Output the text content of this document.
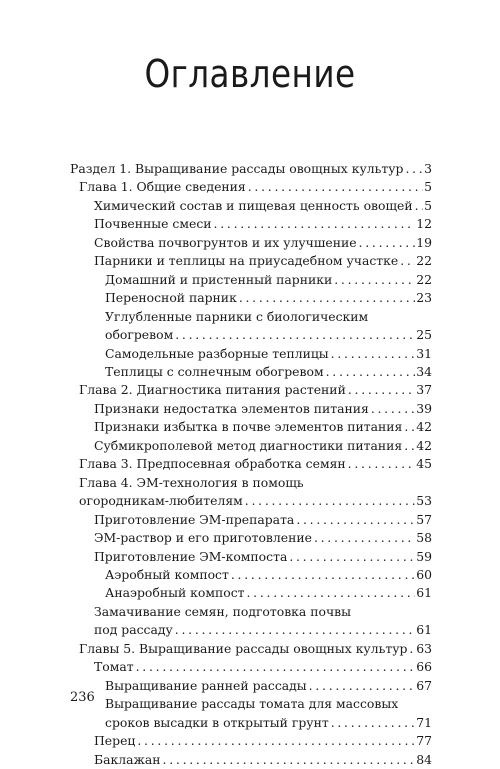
Оглавление
Раздел 1. Выращивание рассады овощных культур . . . 3
Глава 1. Общие сведения . . .	5
Химический состав и пищевая ценность овощей . . . 5
Почвенные смеси . . .	12
Свойства почвогрунтов и их улучшение . . .	19
Парники и теплицы на приусадебном участке . . . 22
Домашний и пристенный парники . . .	22
Переносной парник . . .	23
Углубленные парники с биологическим
обогревом . . .	25
Самодельные разборные теплицы . . .	31
Теплицы с солнечным обогревом . . .	34
Глава 2. Диагностика питания растений . . .	37
Признаки недостатка элементов питания . . .	39
Признаки избытка в почве элементов питания . . . 42
Субмикрополевой метод диагностики питания . . . 42
Глава 3. Предпосевная обработка семян . . .	45
Глава 4. ЭМ-технология в помощь
огородникам-любителям . . .	53
Приготовление ЭМ-препарата . . .	57
ЭМ-раствор и его приготовление . . .	58
Приготовление ЭМ-компоста . . .	59
Аэробный компост . . .	60
Анаэробный компост . . .	61
Замачивание семян, подготовка почвы
под рассаду . . .	61
Главы 5. Выращивание рассады овощных культур . . . 63
Томат . . .	66
Выращивание ранней рассады . . .	67
Выращивание рассады томата для массовых
сроков высадки в открытый грунт . . .	71
Перец . . .	77
Баклажан . . .	84
236
